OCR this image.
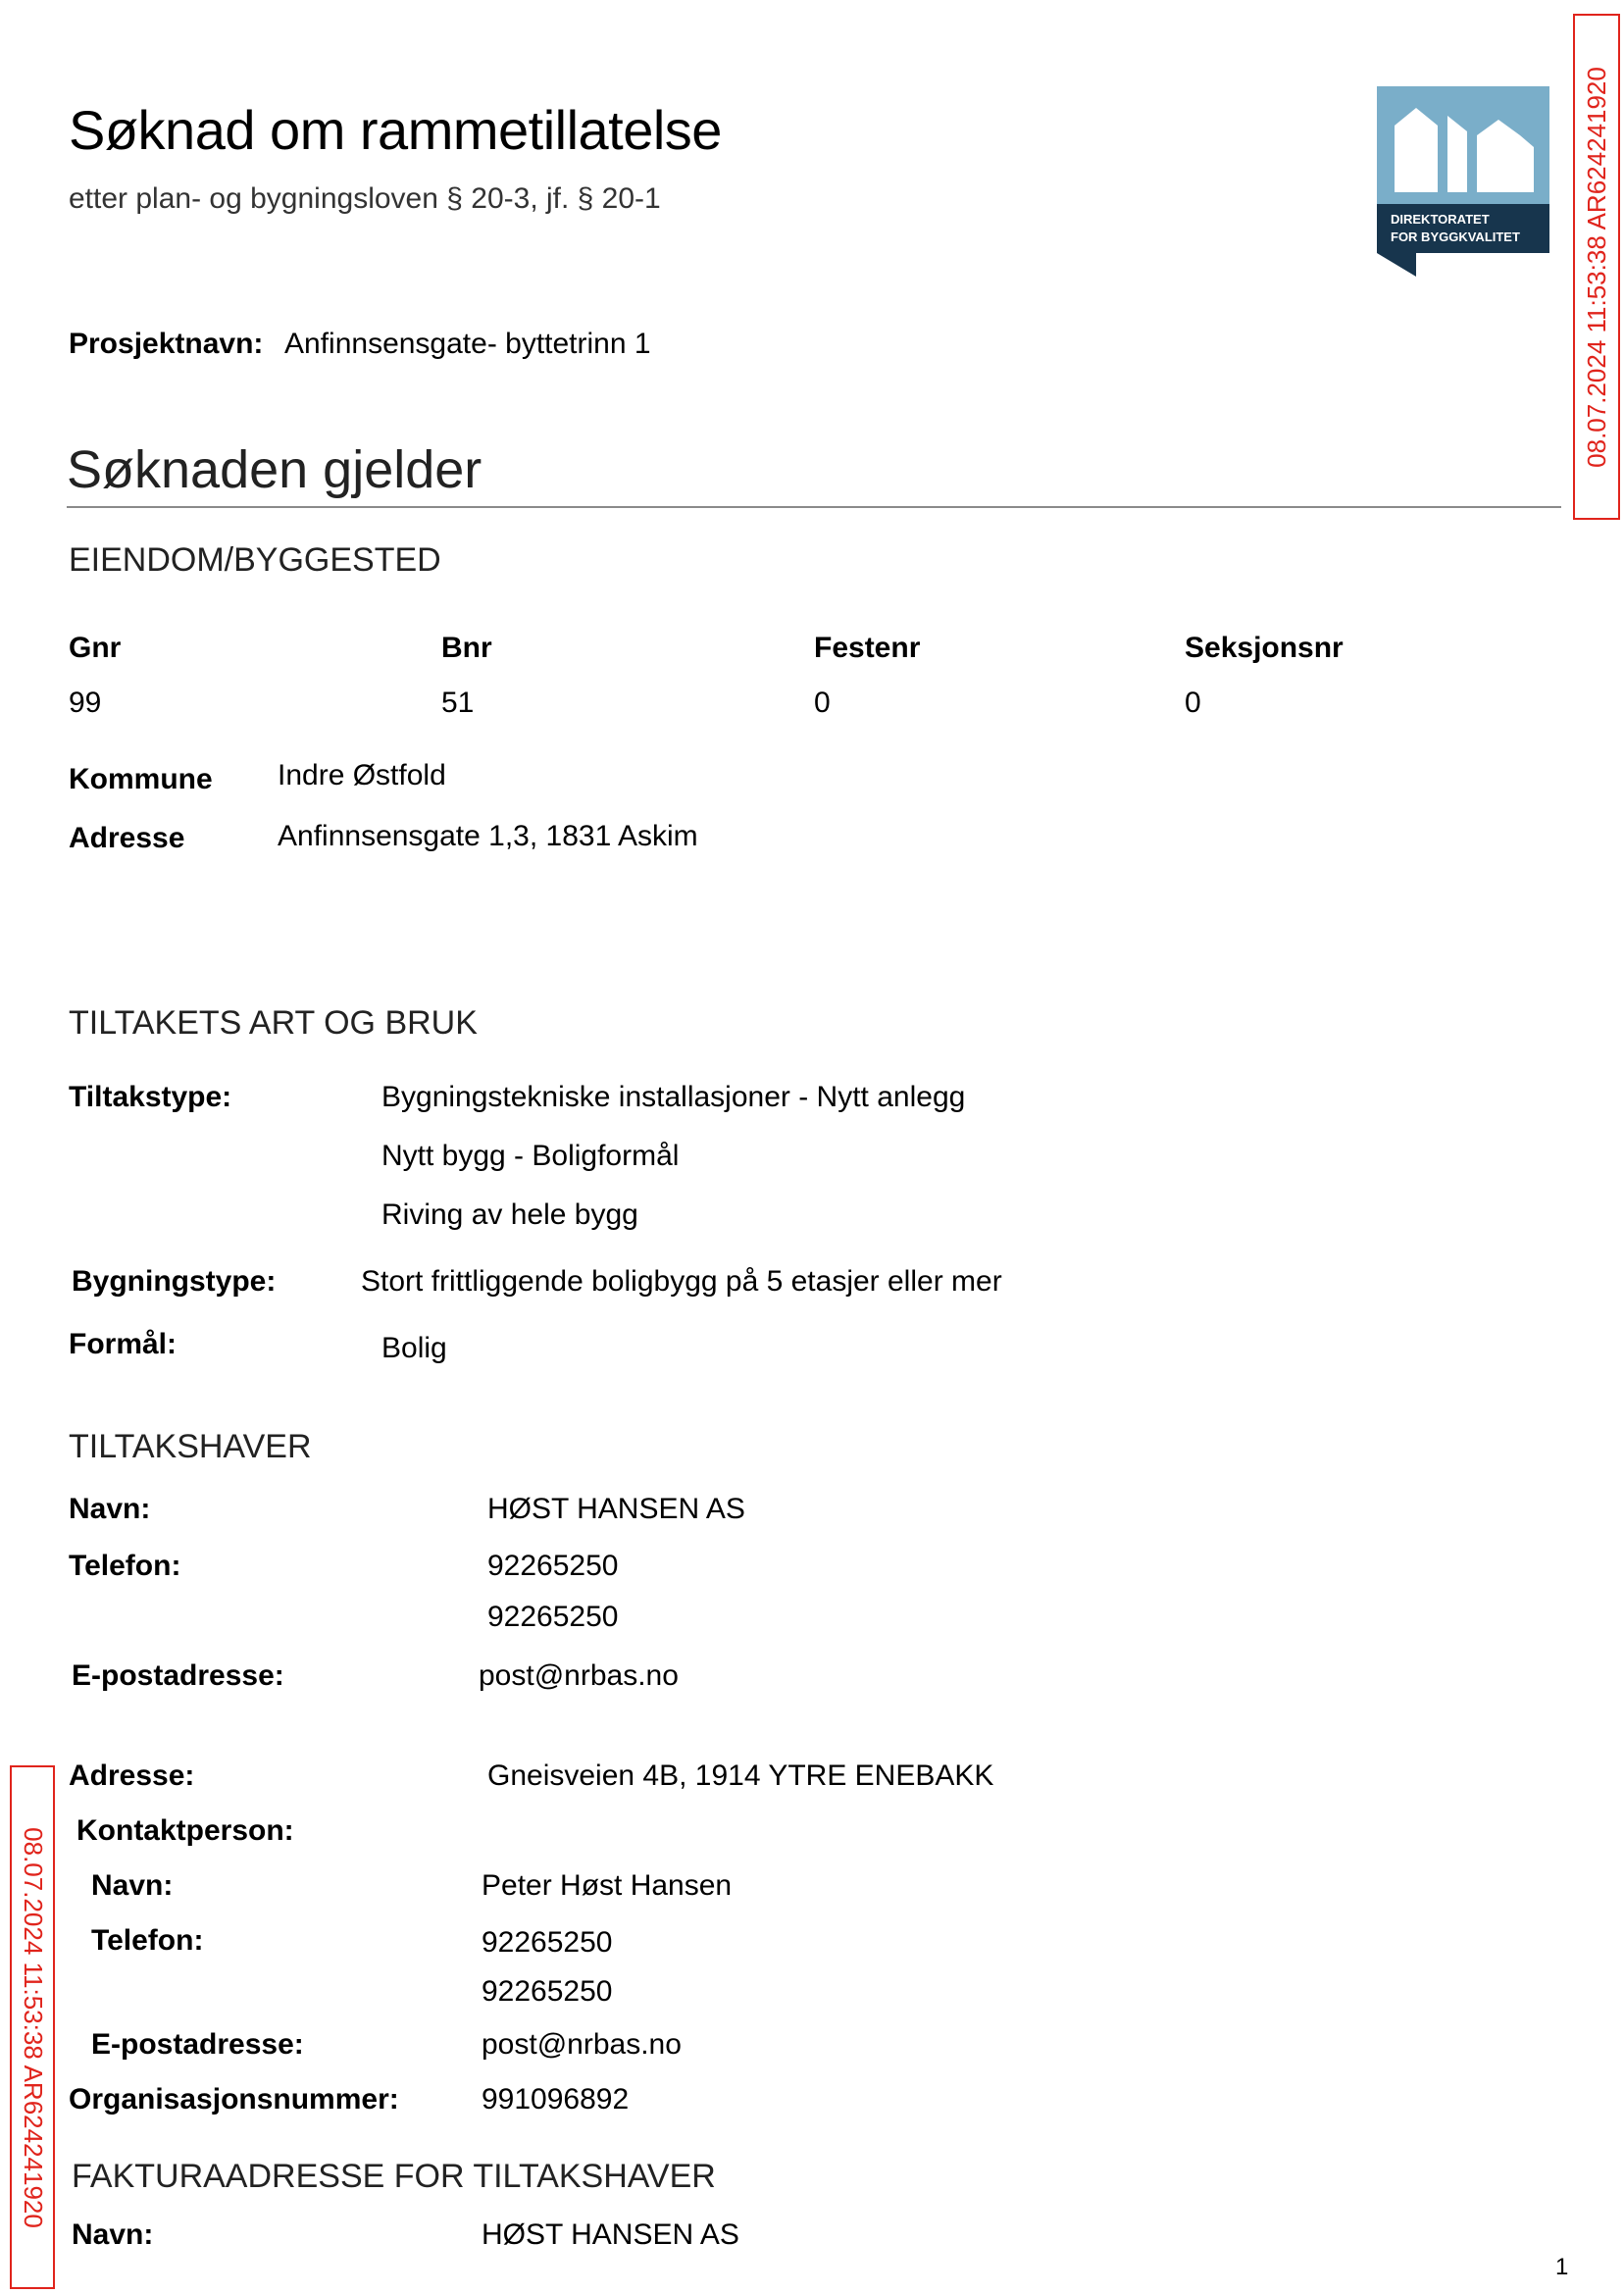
Søknad om rammetillatelse
etter plan- og bygningsloven § 20-3, jf. § 20-1
DIREKTORATET
FOR BYGGKVALITET 08.07.2024 11:53:38 AR624241920
08.07.2024 11:53:38 AR624241920
Prosjektnavn: Anfinnsensgate- byttetrinn 1
Søknaden gjelder
EIENDOM/BYGGESTED
Gnr	Bnr	Festenr	Seksjonsnr
99	51	0	0
Kommune Indre Østfold
Adresse	Anfinnsensgate 1,3, 1831 Askim
TILTAKETS ART OG BRUK
Tiltakstype:	Bygningstekniske installasjoner - Nytt anlegg
Nytt bygg - Boligformål
Riving av hele bygg
Bygningstype:	Stort frittliggende boligbygg på 5 etasjer eller mer
Formål:	Bolig
TILTAKSHAVER
Navn:	HØST HANSEN AS
Telefon:	92265250
92265250
E-postadresse:	post@nrbas.no
Adresse:	Gneisveien 4B, 1914 YTRE ENEBAKK
Kontaktperson:
Navn:	Peter Høst Hansen
Telefon:	92265250
92265250
E-postadresse:	post@nrbas.no
Organisasjonsnummer:	991096892
FAKTURAADRESSE FOR TILTAKSHAVER
Navn:	HØST HANSEN AS
1
